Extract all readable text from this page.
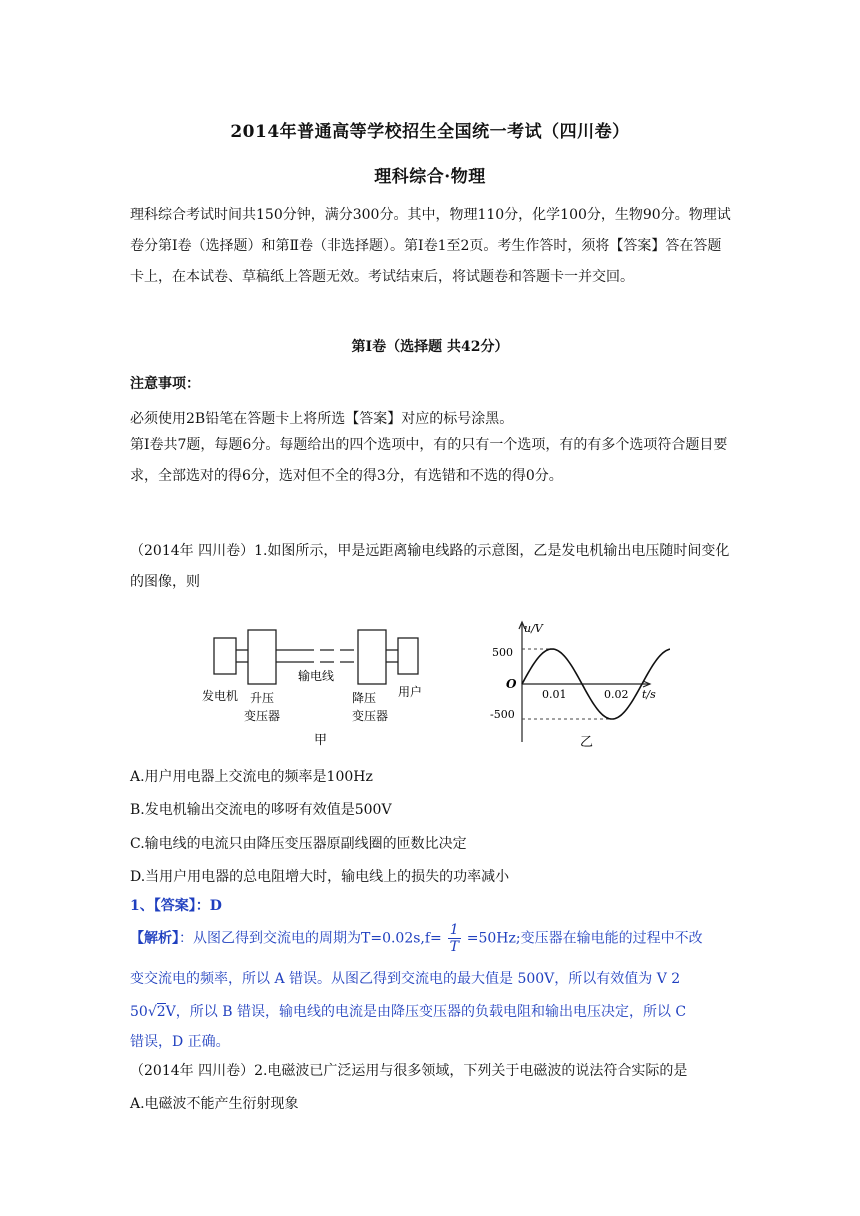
2014年普通高等学校招生全国统一考试（四川卷）
理科综合·物理

理科综合考试时间共150分钟，满分300分。其中，物理110分，化学100分，生物90分。物理试卷分第Ⅰ卷（选择题）和第Ⅱ卷（非选择题）。第Ⅰ卷1至2页。考生作答时，须将【答案】答在答题卡上，在本试卷、草稿纸上答题无效。考试结束后，将试题卷和答题卡一并交回。

第Ⅰ卷（选择题 共42分）
注意事项：
必须使用2B铅笔在答题卡上将所选【答案】对应的标号涂黑。

第Ⅰ卷共7题，每题6分。每题给出的四个选项中，有的只有一个选项，有的有多个选项符合题目要求，全部选对的得6分，选对但不全的得3分，有选错和不选的得0分。

（2014年 四川卷）1.如图所示，甲是远距离输电线路的示意图，乙是发电机输出电压随时间变化的图像，则

发电机 升压
变压器
输电线
降压
变压器
用户
甲
u/V
t/s
O
500
-500
0.01	0.02
乙
A.用户用电器上交流电的频率是100Hz
B.发电机输出交流电的哆呀有效值是500V
C.输电线的电流只由降压变压器原副线圈的匝数比决定
D.当用户用电器的总电阻增大时，输电线上的损失的功率减小
1、【答案】：D
【解析】：从图乙得到交流电的周期为$T=0.02s,f= \frac{1}{T} =50Hz$;变压器在输电能的过程中不改
变交流电的频率，所以 A 错误。从图乙得到交流电的最大值是 500V，所以有效值为 V 2
50√2V，所以 B 错误，输电线的电流是由降压变压器的负载电阻和输出电压决定，所以 C
错误，D 正确。
（2014年 四川卷）2.电磁波已广泛运用与很多领域，下列关于电磁波的说法符合实际的是
A.电磁波不能产生衍射现象
